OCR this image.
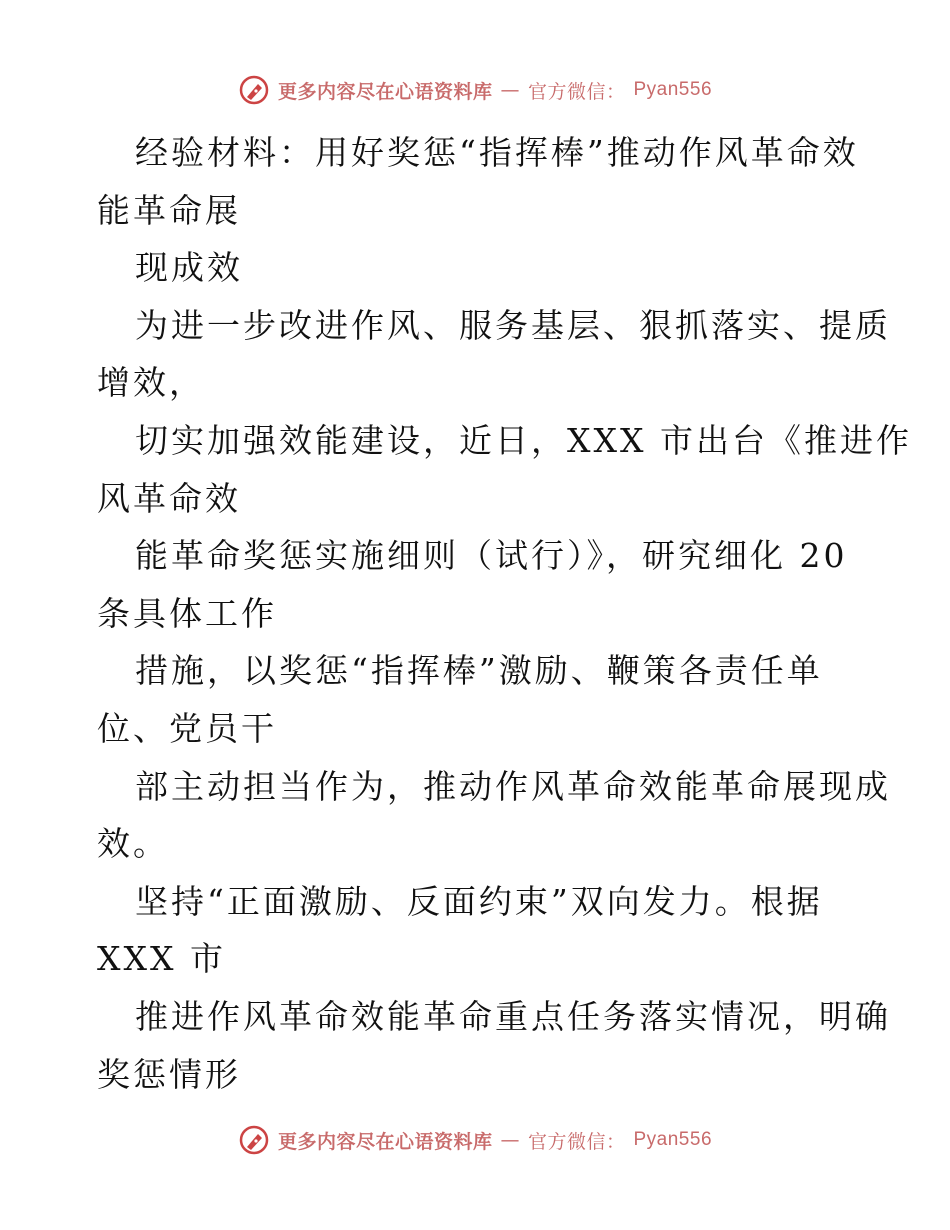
更多内容尽在心语资料库 — 官方微信： Pyan556
经验材料：用好奖惩“指挥棒”推动作风革命效
能革命展
现成效
为进一步改进作风、服务基层、狠抓落实、提质
增效，
切实加强效能建设，近日，XXX 市出台《推进作
风革命效
能革命奖惩实施细则（试行）》，研究细化 20
条具体工作
措施，以奖惩“指挥棒”激励、鞭策各责任单
位、党员干
部主动担当作为，推动作风革命效能革命展现成
效。
坚持“正面激励、反面约束”双向发力。根据
XXX 市
推进作风革命效能革命重点任务落实情况，明确
奖惩情形
更多内容尽在心语资料库 — 官方微信： Pyan556
